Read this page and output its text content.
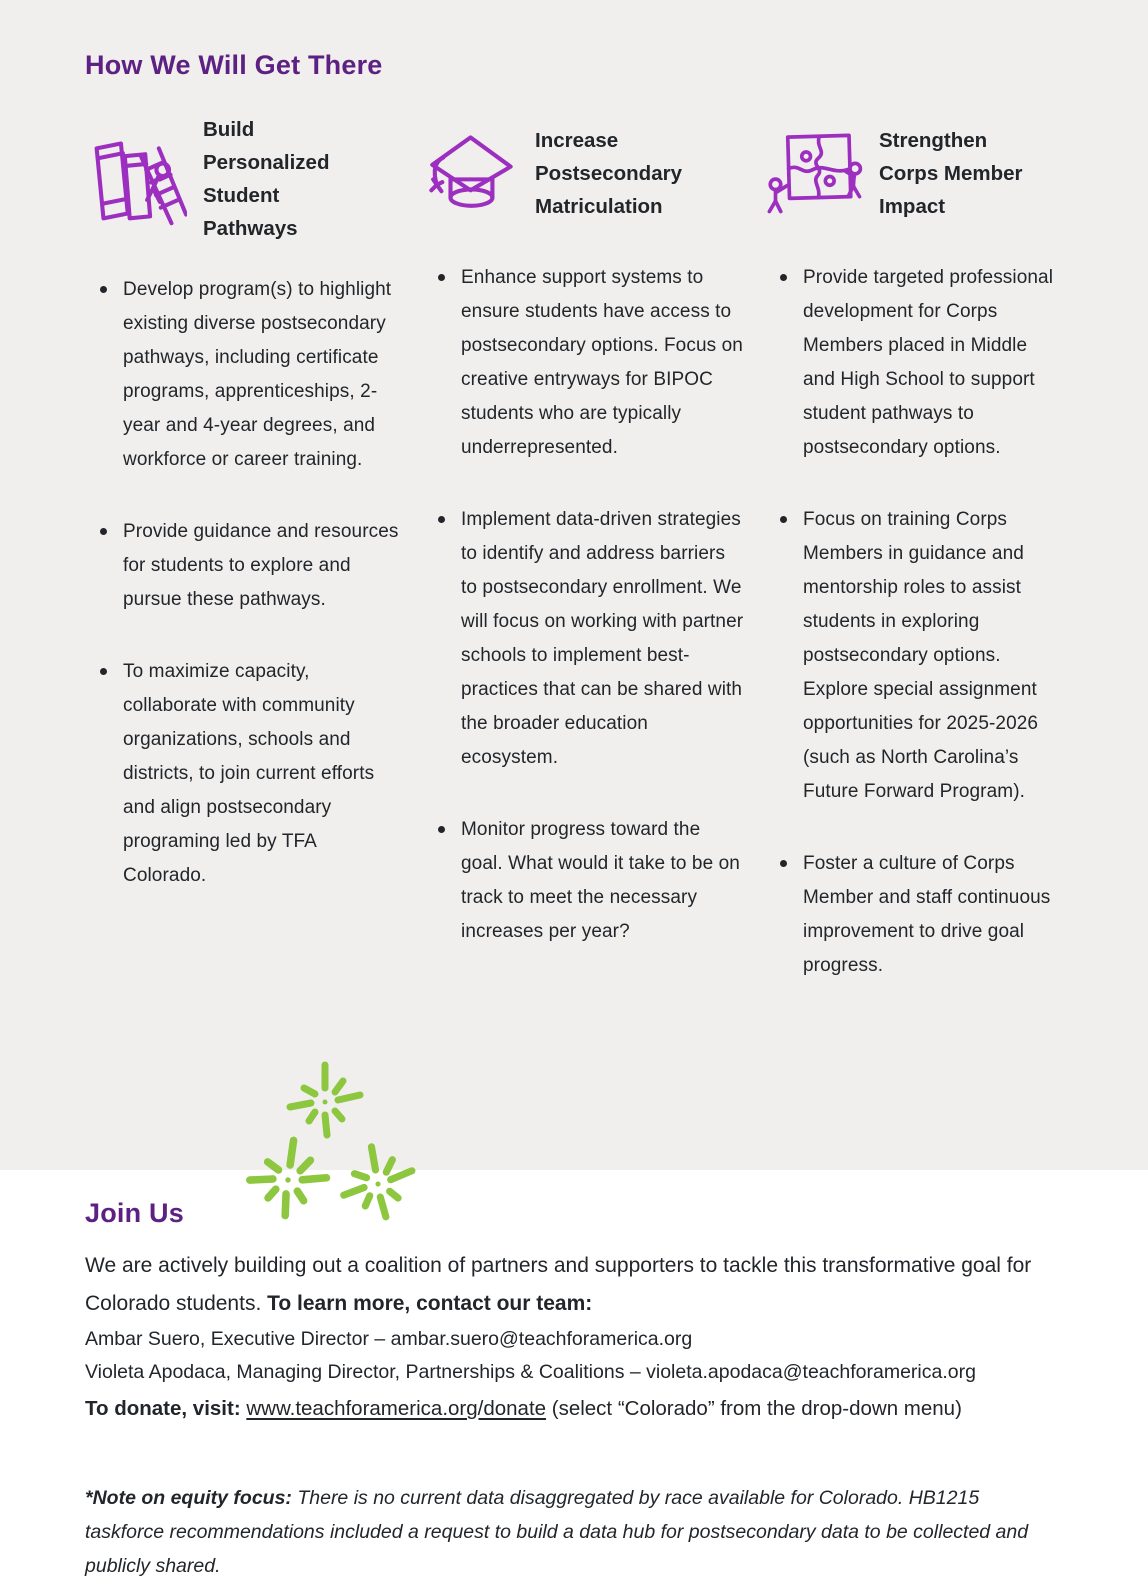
How We Will Get There
Build Personalized Student Pathways
Develop program(s) to highlight existing diverse postsecondary pathways, including certificate programs, apprenticeships, 2-year and 4-year degrees, and workforce or career training.
Provide guidance and resources for students to explore and pursue these pathways.
To maximize capacity, collaborate with community organizations, schools and districts, to join current efforts and align postsecondary programing led by TFA Colorado.
Increase Postsecondary Matriculation
Enhance support systems to ensure students have access to postsecondary options. Focus on creative entryways for BIPOC students who are typically underrepresented.
Implement data-driven strategies to identify and address barriers to postsecondary enrollment. We will focus on working with partner schools to implement best-practices that can be shared with the broader education ecosystem.
Monitor progress toward the goal. What would it take to be on track to meet the necessary increases per year?
Strengthen Corps Member Impact
Provide targeted professional development for Corps Members placed in Middle and High School to support student pathways to postsecondary options.
Focus on training Corps Members in guidance and mentorship roles to assist students in exploring postsecondary options. Explore special assignment opportunities for 2025-2026 (such as North Carolina’s Future Forward Program).
Foster a culture of Corps Member and staff continuous improvement to drive goal progress.
Join Us

We are actively building out a coalition of partners and supporters to tackle this transformative goal for Colorado students. To learn more, contact our team:

Ambar Suero, Executive Director – ambar.suero@teachforamerica.org

Violeta Apodaca, Managing Director, Partnerships & Coalitions – violeta.apodaca@teachforamerica.org

To donate, visit: www.teachforamerica.org/donate (select “Colorado” from the drop-down menu)

*Note on equity focus: There is no current data disaggregated by race available for Colorado. HB1215 taskforce recommendations included a request to build a data hub for postsecondary data to be collected and publicly shared.
